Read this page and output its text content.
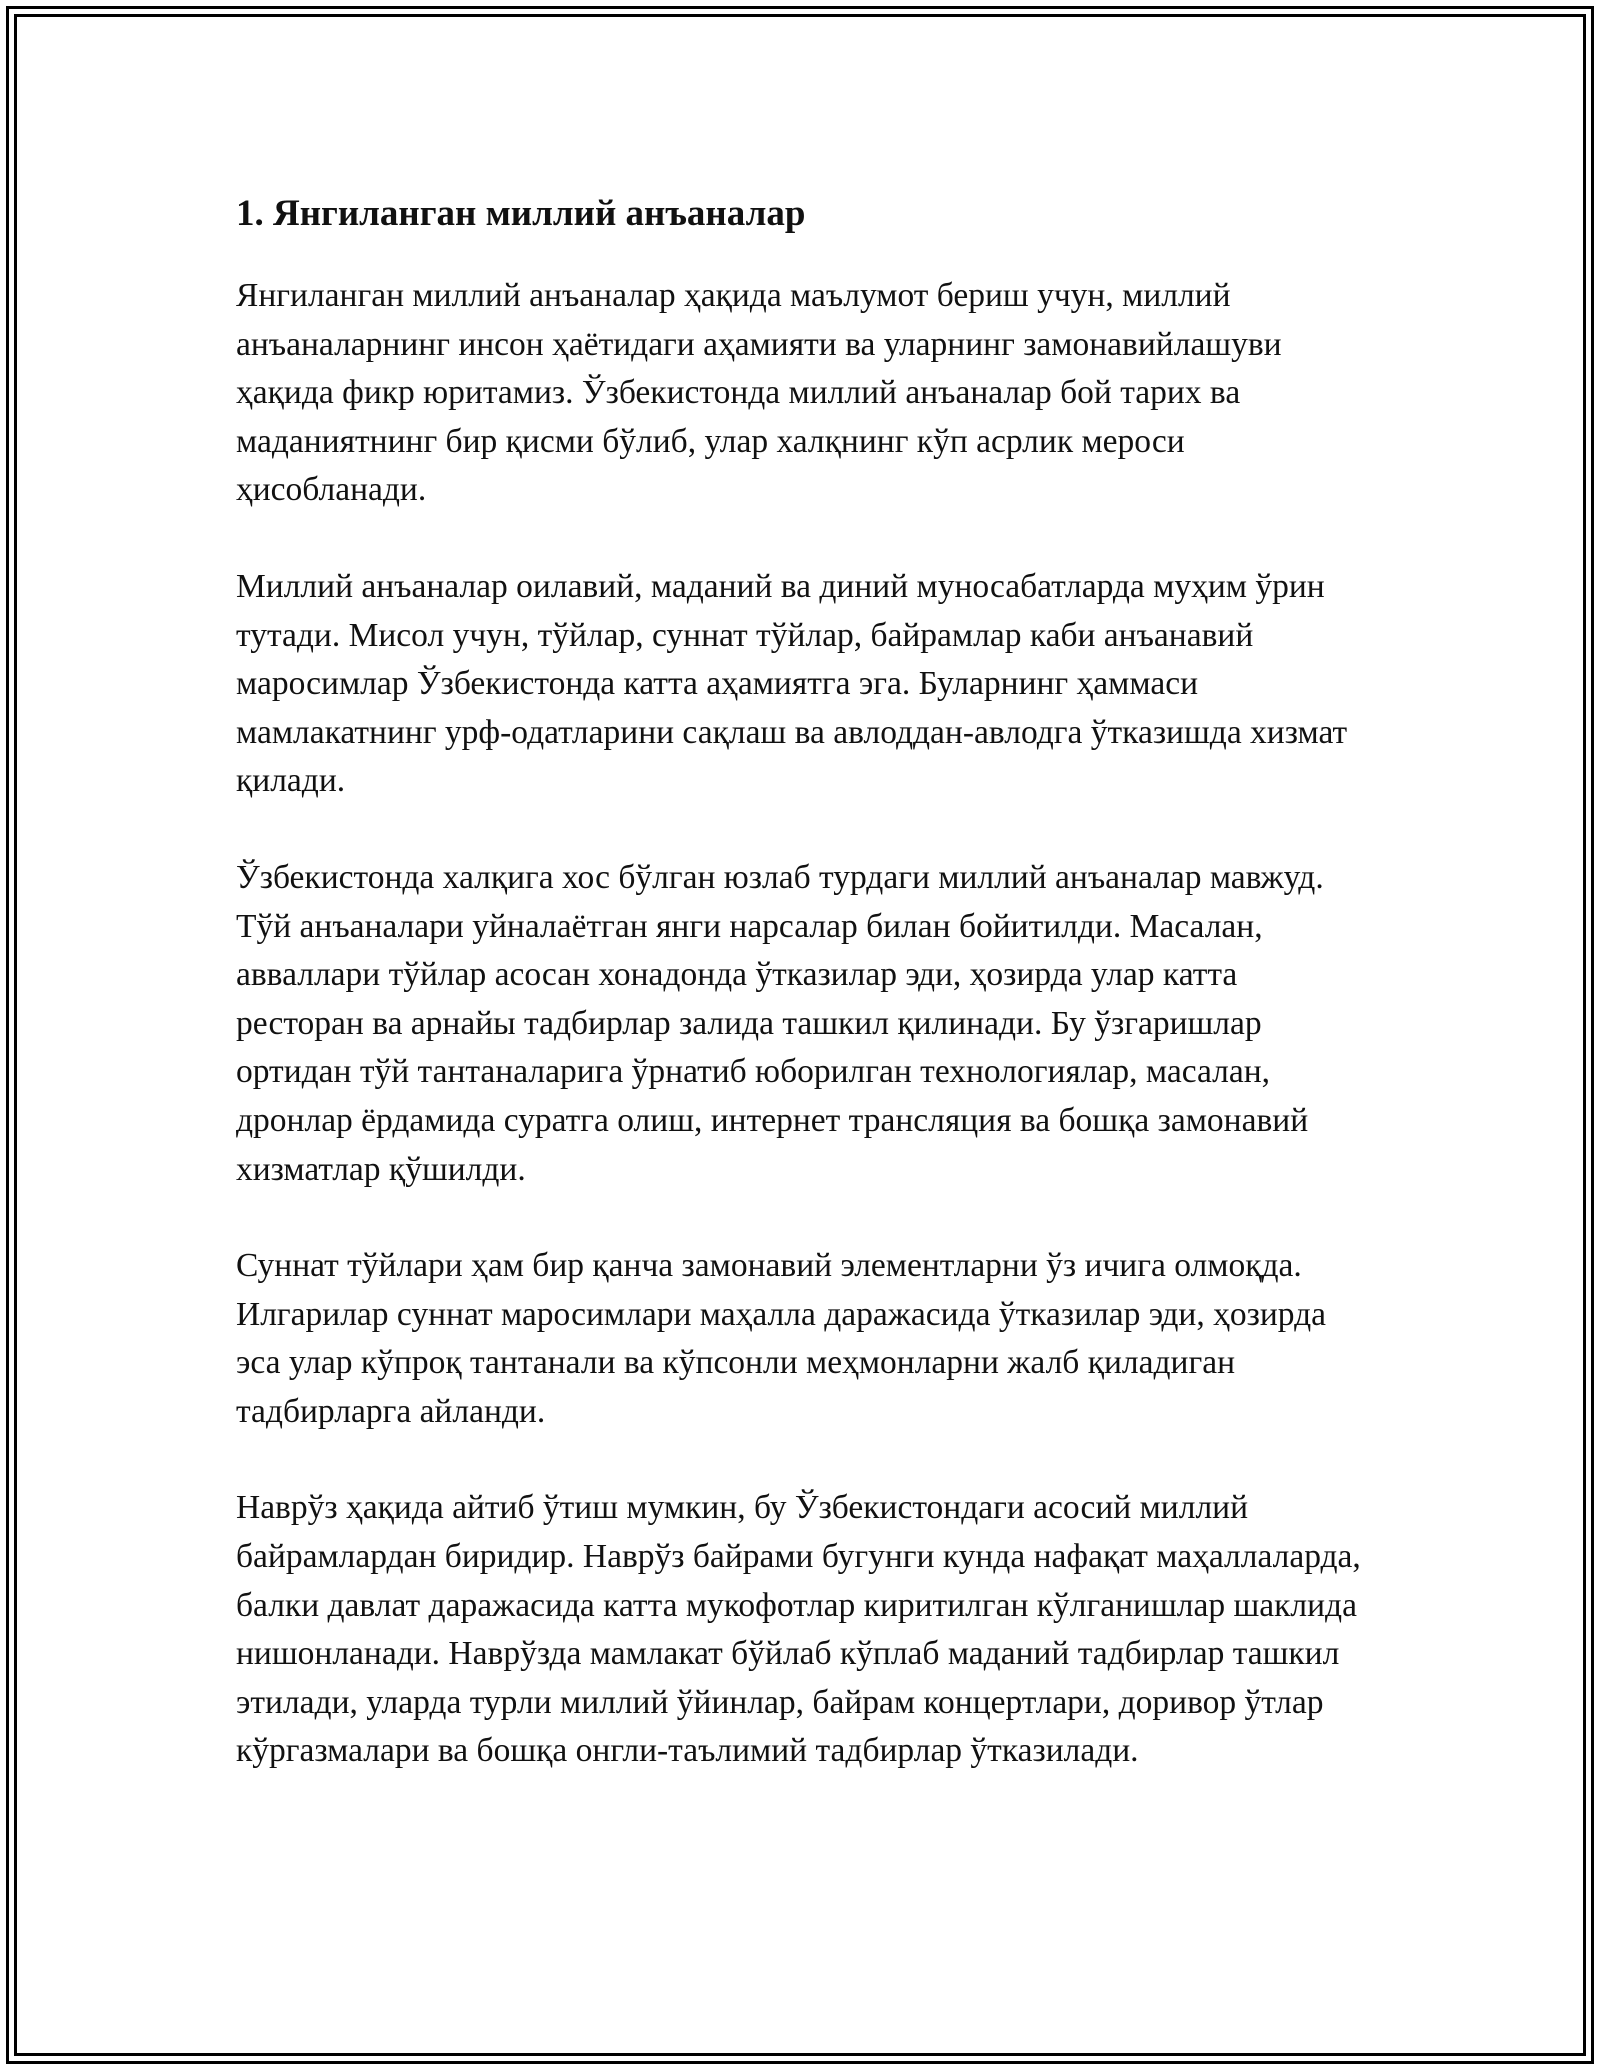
1. Янгиланган миллий анъаналар

Янгиланган миллий анъаналар ҳақида маълумот бериш учун, миллий анъаналарнинг инсон ҳаётидаги аҳамияти ва уларнинг замонавийлашуви ҳақида фикр юритамиз. Ўзбекистонда миллий анъаналар бой тарих ва маданиятнинг бир қисми бўлиб, улар халқнинг кўп асрлик мероси ҳисобланади.

Миллий анъаналар оилавий, маданий ва диний муносабатларда муҳим ўрин тутади. Мисол учун, тўйлар, суннат тўйлар, байрамлар каби анъанавий маросимлар Ўзбекистонда катта аҳамиятга эга. Буларнинг ҳаммаси мамлакатнинг урф-одатларини сақлаш ва авлоддан-авлодга ўтказишда хизмат қилади.

Ўзбекистонда халқига хос бўлган юзлаб турдаги миллий анъаналар мавжуд. Тўй анъаналари уйналаётган янги нарсалар билан бойитилди. Масалан, авваллари тўйлар асосан хонадонда ўтказилар эди, ҳозирда улар катта ресторан ва арнайы тадбирлар залида ташкил қилинади. Бу ўзгаришлар ортидан тўй тантаналарига ўрнатиб юборилган технологиялар, масалан, дронлар ёрдамида суратга олиш, интернет трансляция ва бошқа замонавий хизматлар қўшилди.

Суннат тўйлари ҳам бир қанча замонавий элементларни ўз ичига олмоқда. Илгарилар суннат маросимлари маҳалла даражасида ўтказилар эди, ҳозирда эса улар кўпроқ тантанали ва кўпсонли меҳмонларни жалб қиладиган тадбирларга айланди.

Наврўз ҳақида айтиб ўтиш мумкин, бу Ўзбекистондаги асосий миллий байрамлардан биридир. Наврўз байрами бугунги кунда нафақат маҳаллаларда, балки давлат даражасида катта мукофотлар киритилган кўлганишлар шаклида нишонланади. Наврўзда мамлакат бўйлаб кўплаб маданий тадбирлар ташкил этилади, уларда турли миллий ўйинлар, байрам концертлари, доривор ўтлар кўргазмалари ва бошқа онгли-таълимий тадбирлар ўтказилади.
